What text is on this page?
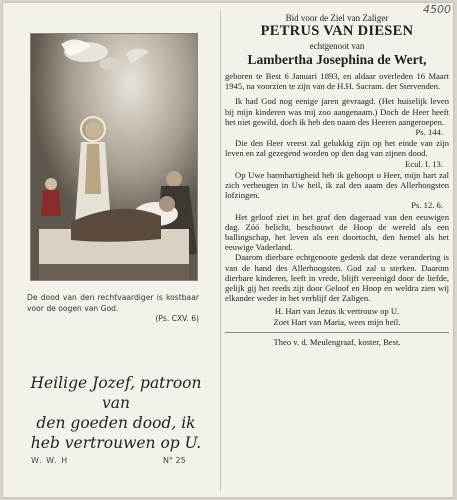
4500
De dood van den rechtvaardiger is kostbaar voor de oogen van God.
(Ps. CXV. 6)
Heilige Jozef, patroon van
den goeden dood, ik
heb vertrouwen op U.
W. W. H	N° 25

Bid voor de Ziel van Zaliger

PETRUS VAN DIESEN

echtgenoot van

Lambertha Josephina de Wert,

geboren te Best 6 Januari 1893, en aldaar overleden 16 Maart 1945, na voorzien te zijn van de H.H. Sacram. der Stervenden.

Ik had God nog eenige jaren gevraagd. (Het huiselijk leven bij mijn kinderen was mij zoo aangenaam.) Doch de Heer heeft het niet gewild, doch ik heb den naam des Heeren aangeroepen.

Ps. 144.

Die den Heer vreest zal gelukkig zijn op het einde van zijn leven en zal gezegend worden op den dag van zijnen dood.

Ecul. I. 13.

Op Uwe barmhartigheid heb ik gehoopt o Heer, mijn hart zal zich verheugen in Uw heil, ik zal den aaam des Allerhoogsten lofzingen.

Ps. 12. 6.

Het geloof ziet in het graf den dageraad van den eeuwigen dag. Zóó belicht, beschouwt de Hoop de wereld als een ballingschap, het leven als een doortocht, den hemel als het eeuwige Vaderland.

Daarom dierbare echtgenoote gedenk dat deze verandering is van de hand des Allerhoogsten. God zal u sterken. Daarom dierbare kinderen, leeft in vrede, blijft vereenigd door de liefde, gelijk gij het reeds zijt door Geloof en Hoop en weldra zien wij elkander weder in het verblijf der Zaligen.

H. Hart van Jezus ik vertrouw op U.

Zoet Hart van Maria, wees mijn heil.

Theo v. d. Meulengraaf, koster, Best.
